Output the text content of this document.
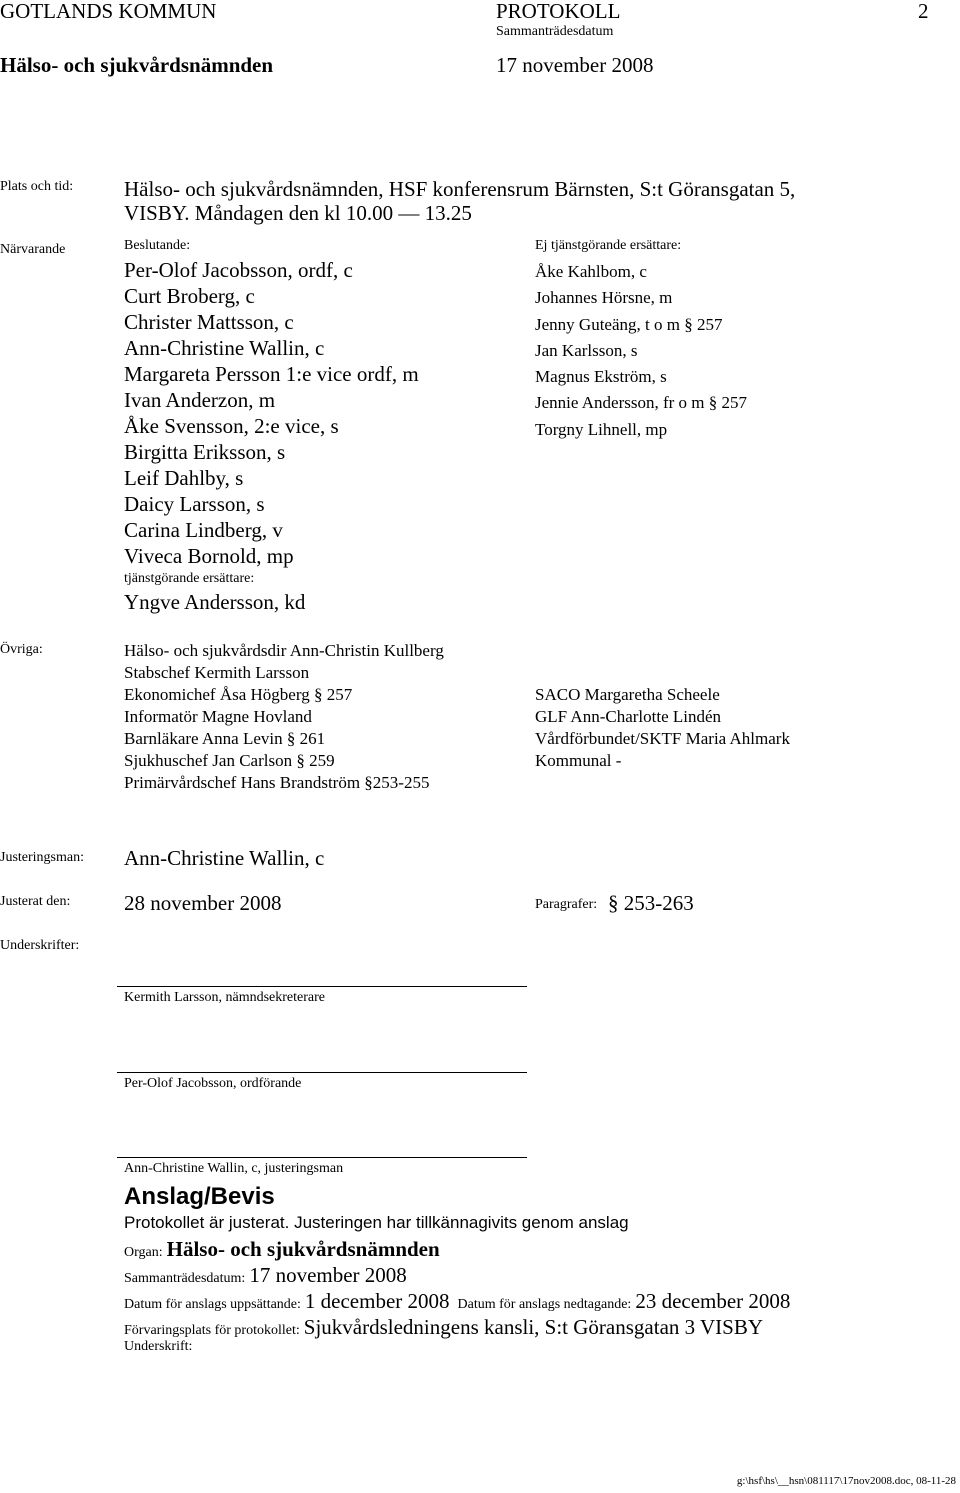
GOTLANDS KOMMUN	PROTOKOLL	2
Sammanträdesdatum
Hälso- och sjukvårdsnämnden	17 november 2008
Plats och tid: Hälso- och sjukvårdsnämnden, HSF konferensrum Bärnsten, S:t Göransgatan 5,
VISBY. Måndagen den kl 10.00 — 13.25
Närvarande	Beslutande:
Per-Olof Jacobsson, ordf, c
Curt Broberg, c
Christer Mattsson, c
Ann-Christine Wallin, c
Margareta Persson 1:e vice ordf, m
Ivan Anderzon, m
Åke Svensson, 2:e vice, s
Birgitta Eriksson, s
Leif Dahlby, s
Daicy Larsson, s
Carina Lindberg, v
Viveca Bornold, mp
tjänstgörande ersättare:
Yngve Andersson, kd
Ej tjänstgörande ersättare:
Åke Kahlbom, c
Johannes Hörsne, m
Jenny Guteäng, t o m § 257
Jan Karlsson, s
Magnus Ekström, s
Jennie Andersson, fr o m § 257
Torgny Lihnell, mp
Övriga:	Hälso- och sjukvårdsdir Ann-Christin Kullberg
Stabschef Kermith Larsson
Ekonomichef Åsa Högberg § 257
Informatör Magne Hovland
Barnläkare Anna Levin § 261
Sjukhuschef Jan Carlson § 259
Primärvårdschef Hans Brandström §253-255
SACO Margaretha Scheele
GLF Ann-Charlotte Lindén
Vårdförbundet/SKTF Maria Ahlmark
Kommunal -
Justeringsman: Ann-Christine Wallin, c
Justerat den:	28 november 2008	Paragrafer: § 253-263
Underskrifter:
Kermith Larsson, nämndsekreterare
Per-Olof Jacobsson, ordförande
Ann-Christine Wallin, c, justeringsman
Anslag/Bevis
Protokollet är justerat. Justeringen har tillkännagivits genom anslag
Organ: Hälso- och sjukvårdsnämnden
Sammanträdesdatum: 17 november 2008
Datum för anslags uppsättande: 1 december 2008 Datum för anslags nedtagande: 23 december 2008
Förvaringsplats för protokollet: Sjukvårdsledningens kansli, S:t Göransgatan 3 VISBY
Underskrift:
g:\hsf\hs\__hsn\081117\17nov2008.doc, 08-11-28
